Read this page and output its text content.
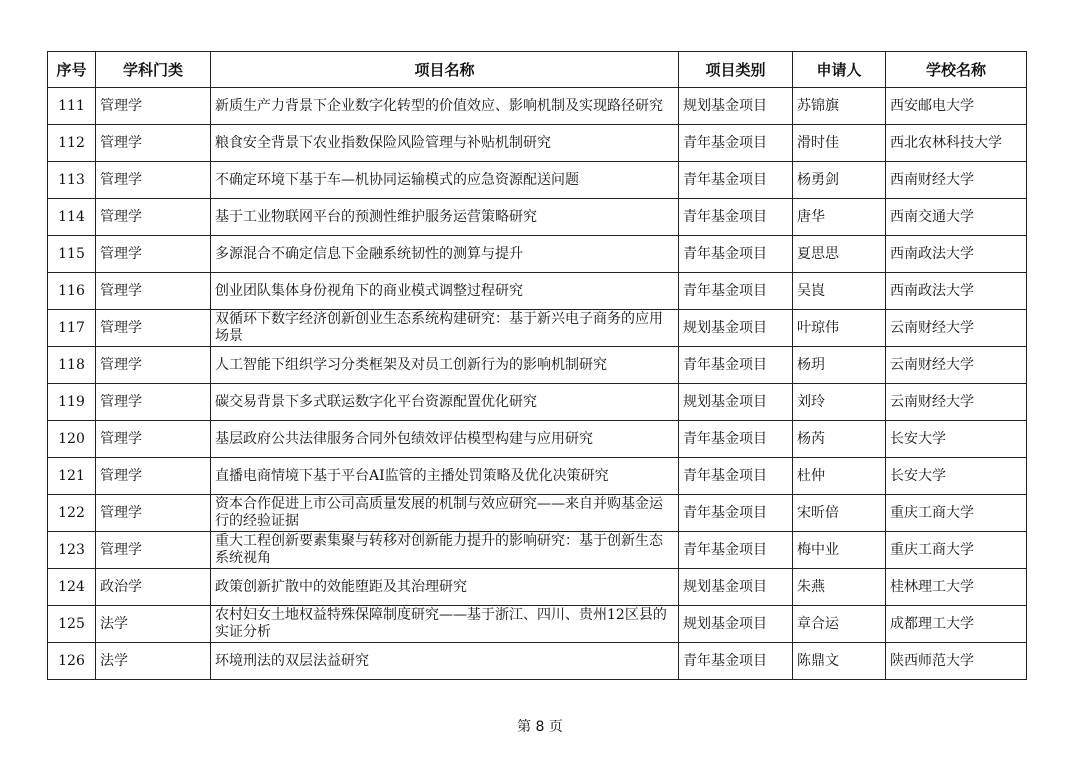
序号	学科门类	项目名称	项目类别	申请人	学校名称
111	管理学	新质生产力背景下企业数字化转型的价值效应、影响机制及实现路径研究	规划基金项目	苏锦旗	西安邮电大学
112	管理学	粮食安全背景下农业指数保险风险管理与补贴机制研究	青年基金项目	滑时佳	西北农林科技大学
113	管理学	不确定环境下基于车—机协同运输模式的应急资源配送问题	青年基金项目	杨勇剑	西南财经大学
114	管理学	基于工业物联网平台的预测性维护服务运营策略研究	青年基金项目	唐华	西南交通大学
115	管理学	多源混合不确定信息下金融系统韧性的测算与提升	青年基金项目	夏思思	西南政法大学
116	管理学	创业团队集体身份视角下的商业模式调整过程研究	青年基金项目	吴崀	西南政法大学
117	管理学	双循环下数字经济创新创业生态系统构建研究：基于新兴电子商务的应用场景	规划基金项目	叶琼伟	云南财经大学
118	管理学	人工智能下组织学习分类框架及对员工创新行为的影响机制研究	青年基金项目	杨玥	云南财经大学
119	管理学	碳交易背景下多式联运数字化平台资源配置优化研究	规划基金项目	刘玲	云南财经大学
120	管理学	基层政府公共法律服务合同外包绩效评估模型构建与应用研究	青年基金项目	杨芮	长安大学
121	管理学	直播电商情境下基于平台AI监管的主播处罚策略及优化决策研究	青年基金项目	杜仲	长安大学
122	管理学	资本合作促进上市公司高质量发展的机制与效应研究——来自并购基金运行的经验证据	青年基金项目	宋昕倍	重庆工商大学
123	管理学	重大工程创新要素集聚与转移对创新能力提升的影响研究：基于创新生态系统视角	青年基金项目	梅中业	重庆工商大学
124	政治学	政策创新扩散中的效能堕距及其治理研究	规划基金项目	朱燕	桂林理工大学
125	法学	农村妇女土地权益特殊保障制度研究——基于浙江、四川、贵州12区县的实证分析	规划基金项目	章合运	成都理工大学
126	法学	环境刑法的双层法益研究	青年基金项目	陈鼎文	陕西师范大学
第 8 页
